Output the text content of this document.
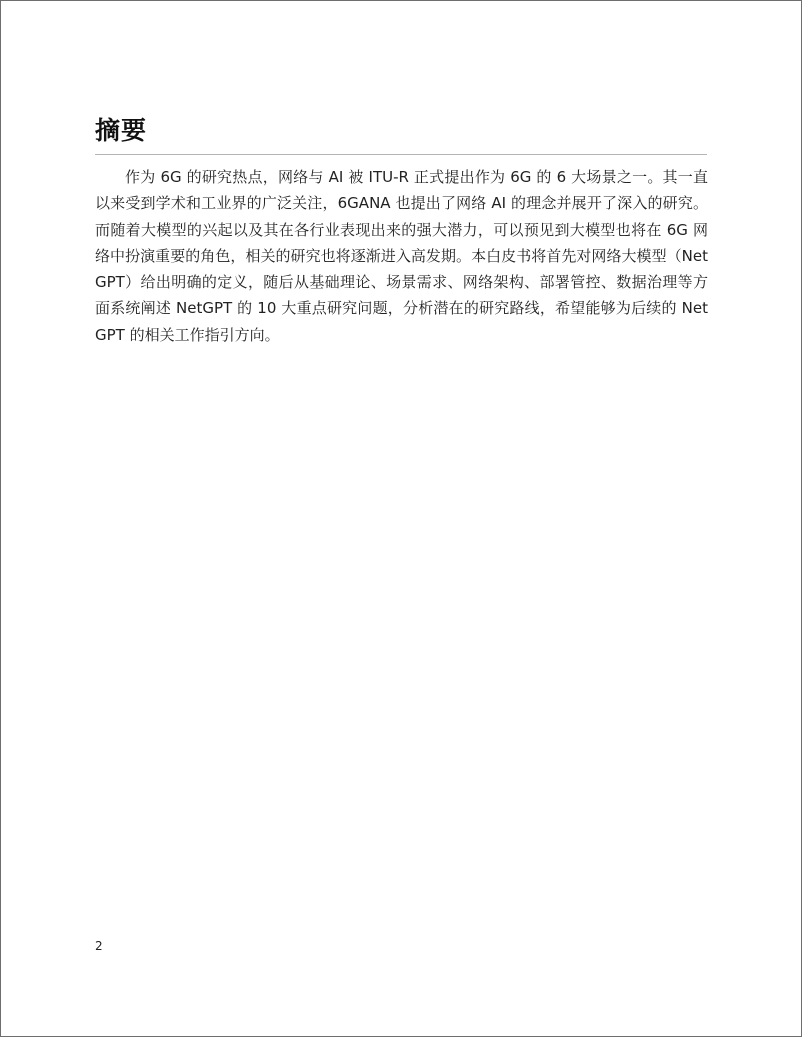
摘要

作为 6G 的研究热点，网络与 AI 被 ITU-R 正式提出作为 6G 的 6 大场景之一。其一直以来受到学术和工业界的广泛关注，6GANA 也提出了网络 AI 的理念并展开了深入的研究。而随着大模型的兴起以及其在各行业表现出来的强大潜力，可以预见到大模型也将在 6G 网络中扮演重要的角色，相关的研究也将逐渐进入高发期。本白皮书将首先对网络大模型（NetGPT）给出明确的定义，随后从基础理论、场景需求、网络架构、部署管控、数据治理等方面系统阐述 NetGPT 的 10 大重点研究问题，分析潜在的研究路线，希望能够为后续的 NetGPT 的相关工作指引方向。

2
